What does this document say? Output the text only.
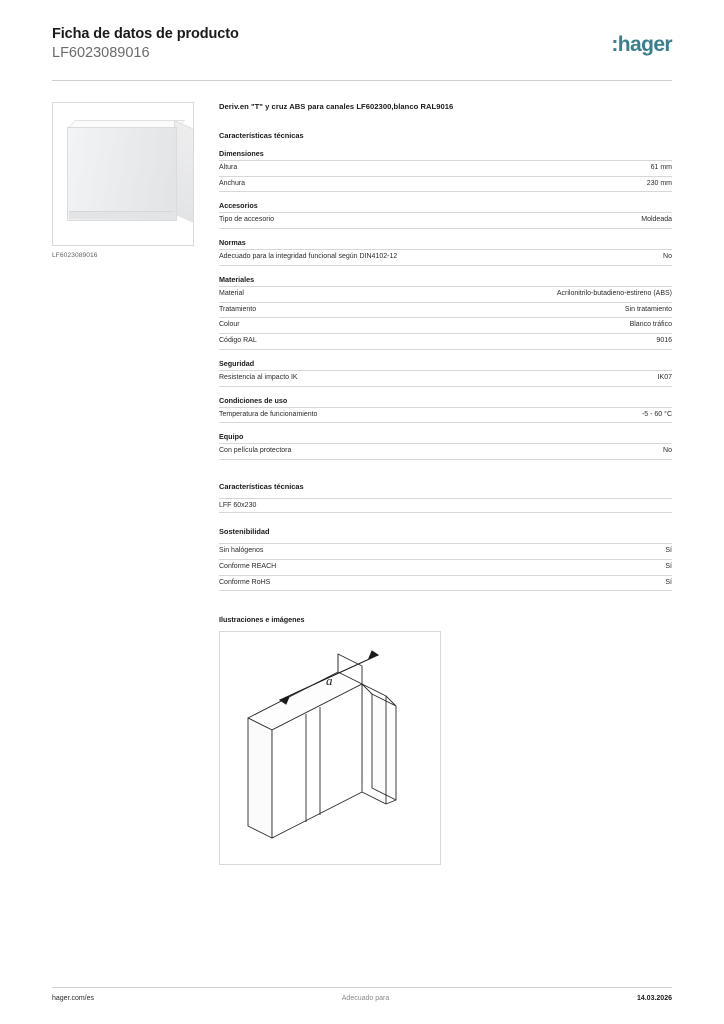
Ficha de datos de producto
LF6023089016	:hager
LF6023089016
Deriv.en "T" y cruz ABS para canales LF602300,blanco RAL9016
Características técnicas
Dimensiones
Altura	61 mm
Anchura	230 mm
Accesorios
Tipo de accesorio	Moldeada
Normas
Adecuado para la integridad funcional según DIN4102-12	No
Materiales
Material	Acrilonitrilo-butadieno-estireno (ABS)
Tratamiento	Sin tratamiento
Colour	Blanco tráfico
Código RAL	9016
Seguridad
Resistencia al impacto IK	IK07
Condiciones de uso
Temperatura de funcionamiento	-5 - 60 °C
Equipo
Con película protectora	No
Características técnicas
LFF 60x230
Sostenibilidad
Sin halógenos	Sí
Conforme REACH	Sí
Conforme RoHS	Sí
Ilustraciones e imágenes
a
hager.com/es	Adecuado para	14.03.2026
